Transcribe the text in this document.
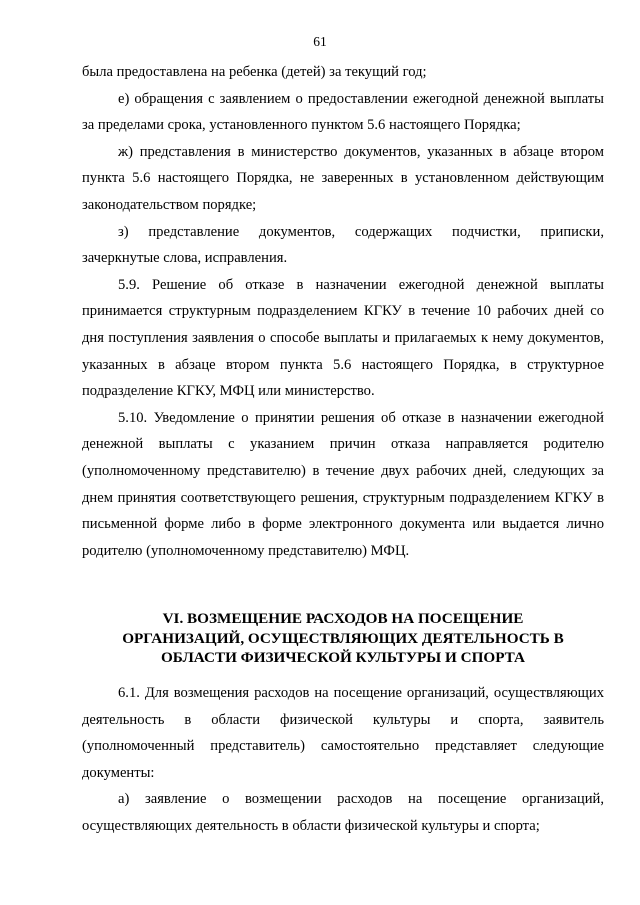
61

была предоставлена на ребенка (детей) за текущий год;

е) обращения с заявлением о предоставлении ежегодной денежной выплаты за пределами срока, установленного пунктом 5.6 настоящего Порядка;

ж) представления в министерство документов, указанных в абзаце втором пункта 5.6 настоящего Порядка, не заверенных в установленном действующим законодательством порядке;

з) представление документов, содержащих подчистки, приписки, зачеркнутые слова, исправления.

5.9. Решение об отказе в назначении ежегодной денежной выплаты принимается структурным подразделением КГКУ в течение 10 рабочих дней со дня поступления заявления о способе выплаты и прилагаемых к нему документов, указанных в абзаце втором пункта 5.6 настоящего Порядка, в структурное подразделение КГКУ, МФЦ или министерство.

5.10. Уведомление о принятии решения об отказе в назначении ежегодной денежной выплаты с указанием причин отказа направляется родителю (уполномоченному представителю) в течение двух рабочих дней, следующих за днем принятия соответствующего решения, структурным подразделением КГКУ в письменной форме либо в форме электронного документа или выдается лично родителю (уполномоченному представителю) МФЦ.

VI. ВОЗМЕЩЕНИЕ РАСХОДОВ НА ПОСЕЩЕНИЕ
ОРГАНИЗАЦИЙ, ОСУЩЕСТВЛЯЮЩИХ ДЕЯТЕЛЬНОСТЬ В
ОБЛАСТИ ФИЗИЧЕСКОЙ КУЛЬТУРЫ И СПОРТА

6.1. Для возмещения расходов на посещение организаций, осуществляющих деятельность в области физической культуры и спорта, заявитель (уполномоченный представитель) самостоятельно представляет следующие документы:

а) заявление о возмещении расходов на посещение организаций, осуществляющих деятельность в области физической культуры и спорта;
